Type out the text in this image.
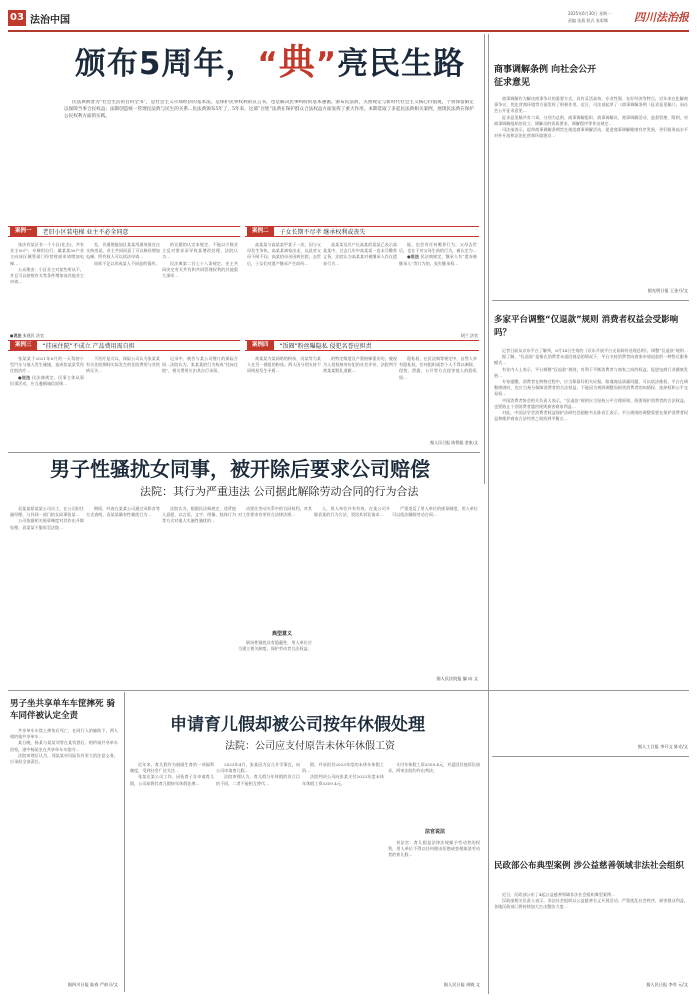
03 法治中国
2025年6月30日 星期一
责编 张燕 版式 张彩娜 四川法治报
颁布5周年，“典”亮民生路
民法典被誉为“社会生活的百科全书”，是社会主义市场经济的基本法，是保护民事权利的宣言书，也是解决民事纠纷的基本遵循。颁布民法典，关照规定与新时代社会主义核心价值观，个别保留限定以保障当事合民权益；法制创造统一管理民法典与民生的关系...民法典颁布5年了，5年来，这部“百姓”法典在保护群众合法权益方面发挥了重大作用。本期选取了多起民法典相关案例，展现民法典在保护公民权利方面的实践。
案例一	老旧小区装电梯 业主不必全同意	案例二	子女长期不尽孝 继承权利或丧失

张庆有某区有一个小区(化名)，共有业主50户，专梯用自行，属某某50户业主向该区城管部门经营财部申请增加电梯…

公众理由：小区业主对某些所从不，并且可以按照有关等条件增加该其他业主申请…

室，肯通便能加区某某用通效准宣自支持房某，业主共同同意了可以修设增加电梯，所有权人可以依法申请…

同样不足以形成某人不同意的情形。

的议题的认定本规定，不能以少数业主反对要求而导致某增改处理，法院认为…

民法典第二百七十八条规定，业主共同决定有关共有和共同管理权利的其他重大事项…

●说法 张燕民 法官

高某某与高某某甲某于一次，因与父母发生争执，高某某离家出走，以此对父母不闻不问。高某的母亲因病住院，去世后，子女们对遗产继承产生纠纷…

高某某及其户长高某的某某乙表示高某某中，过去几年中高某某一直未尽赡养义务，法院认为高某某对被继承人存在遗弃行为…

能，也会有任何赡养行为，父母去世后，也在于对父母生前的行为，被认定为…

●说法 民法典规定，继承人有“遗弃被继承人”等行为的，丧失继承权…

胡兰 法官
案例三	“挂床住院”不成立 产品费用需自担	案例四	“饭圈”粉丝曝隐私 侵犯名誉应担责

张某某于2021年8月的一天驾驶小型汽车与他人发生碰撞，造成张某某受伤住院治疗…

●说法 民法典规定，民事主体从事民事活动，应当遵循诚信原则…

不治疗是可以，保险公司认为张某某有关住院期间实际发生的住院费用与其疾病无关…

记录中，被告与某公司签订的保险合同…法院认为，张某某的行为构成“挂床住院”，相关费用应由其自行承担。

黄某某为某网络的粉丝，河某等为某人在另一群组的粉丝。两人因分别支持不同明星发生矛盾…

的特定维度及产重格梯重业的，被视为人侵权格身份犯的社会评价，法院判令黄某某赔礼道歉…

隐私权，在民法典等规定中，自然人享有隐私权，任何组织或者个人不得以刺探、侵扰、泄露、公开等方式侵害他人的隐私权…

据人民日报 陈智聪 金家/文
男子性骚扰女同事，被开除后要求公司赔偿
法院：其行为严重违法 公司据此解除劳动合同的行为合法

袁某某原某某公司员工，在公司担任副经理，与其同一部门的女同事张某…

公司依据相关规章制度对其作出开除处理，袁某某不服诉至法院…

期间，经查在某某公司通过录影音等方式查明，袁某某确有性骚扰行为…

法院认为，根据民法典规定，违背他人意愿，以言语、文字、图像、肢体行为等方式对他人实施性骚扰的…

动要比劳动关系中的合同权利，对其对工作要求有更符合法律法规…

典型意义

职场性骚扰具有隐蔽性，用人单位应当建立相关制度，保护劳动者合法权益。

人，用人单位并有有效，在某公司开除袁某的行为合法，驳回其诉讼请求…

严重违反了用人单位的规章制度，用人单位可以依法解除劳动合同…

据人民法院报 编 向 文
男子坐共享单车车筐摔死 骑车同伴被认定全责

共享单车车筐上摔伤后死亡，在同行人的辅助下，两人相约骑共享单车…

某日晚，杨某与某某刘等在某饮酒后，相约骑共享单车回家，途中杨某坐在共享单车车筐内…

法院审理后认为，刘某某对风险负有更大的注意义务，应承担全部责任。

据四川日报 陆春 严前旦/文
申请育儿假却被公司按年休假处理
法院：公司应支付原告未休年休假工资

近年来，育儿假作为鼓励生育的一项福利制度，受到社会广泛关注…

张某在某公司工作，因抚育子女申请育儿假，公司却将其育儿假按年休假处理…

2023年4月，张某因为女儿升学事宜，向公司申请育儿假…

法院审理认为，育儿假与年休假的设立目的不同，二者不能相互替代…

假，并承担其2023年度的未休年休假工资…

法院判决公司向张某支付2023年度未休年休假工资3359.4元。

支付年休假工资3359.4元，并返回其他诉讼请求，两审法院均作出判决。

法官说法

刘法官：育儿假是法律法规赋予劳动者的权利，用人单位不得以任何理由拒绝或变相取消劳动者的育儿假…

据人民日报 周晓 文
商事调解条例 向社会公开征求意见

商事调解作为解决商事争议的重要方式，具有灵活高效、专业性强、友好经济等特点，近年来在化解商事争议、优化营商环境等方面发挥了积极作用。近日，司法部起草了《商事调解条例（征求意见稿）》，向社会公开征求意见…

征求意见稿共有六章，分别为总则、商事调解组织、商事调解员、商事调解活动、监督管理、附则，对商事调解组织的设立、调解员的资质要求、调解程序等作出规定…

司法部表示，起草商事调解条例旨在规范商事调解活动，促进商事调解健康有序发展，更好服务高水平对外开放和法治化营商环境建设…

据光明日报 王金月/文
多家平台调整“仅退款”规则 消费者权益会受影响吗？

记者日前从京东平台了解到，8月14日生效的《京东开放平台交易纠纷处理总则》，调整“仅退款”规则…

据了解，“仅退款”是指在消费者未退回商品的情况下，平台支持消费者向商家申请退款的一种售后服务模式…

有业内人士表示，平台调整“仅退款”规则，有利于平衡消费者与商家之间的权益，促进电商行业健康发展…

专家提醒，消费者在购物过程中，应当保留好相关证据，如遇商品质量问题，可以依法维权。平台在调整规则时，也应当充分保障消费者的合法权益，不能因为规则调整而损害消费者的知情权、选择权和公平交易权…

中国消费者协会相关负责人表示，“仅退款”规则应当坚持公平合理原则，既要保护消费者的合法权益，也要防止个别消费者滥用规则损害商家利益…

对此，中国法学会消费者权益保护法研究会副秘书长陈音江表示，平台规则的调整需要在保护消费者权益和维护商家合法经营之间找到平衡点…

据人工日报 李开文 陈光/文
民政部公布典型案例 涉公益慈善领域非法社会组织

近日，民政部公布了4起公益慈善领域非法社会组织典型案例…

民政部相关负责人表示，非法社会组织以公益慈善名义开展活动，严重扰乱社会秩序，损害群众利益，各地民政部门将持续加大打击整治力度…

据人民日报 李有 元/文
